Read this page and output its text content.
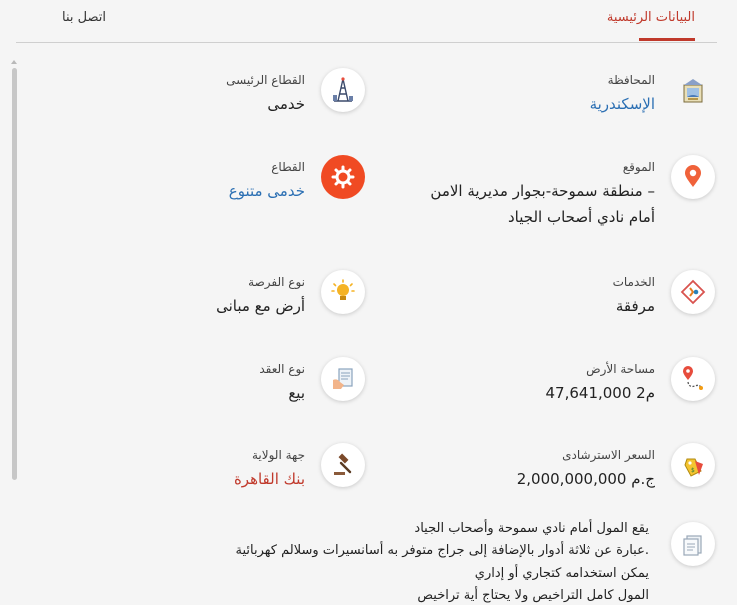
البيانات الرئيسية
اتصل بنا
المحافظة
الإسكندرية
القطاع الرئيسى
خدمى
الموقع
منطقة سموحة-بجوار مديرية الامن –
أمام نادي أصحاب الجياد
القطاع
خدمى متنوع
الخدمات
مرفقة
نوع الفرصة
أرض مع مبانى
مساحة الأرض
47,641,000 م2
نوع العقد
بيع
$
السعر الاسترشادى
2,000,000,000 ج.م
جهة الولاية
بنك القاهرة
يقع المول أمام نادي سموحة وأصحاب الجياد
عبارة عن ثلاثة أدوار بالإضافة إلى جراج متوفر به أسانسيرات وسلالم كهربائية.
يمكن استخدامه كتجاري أو إداري
المول كامل التراخيص ولا يحتاج أية تراخيص
